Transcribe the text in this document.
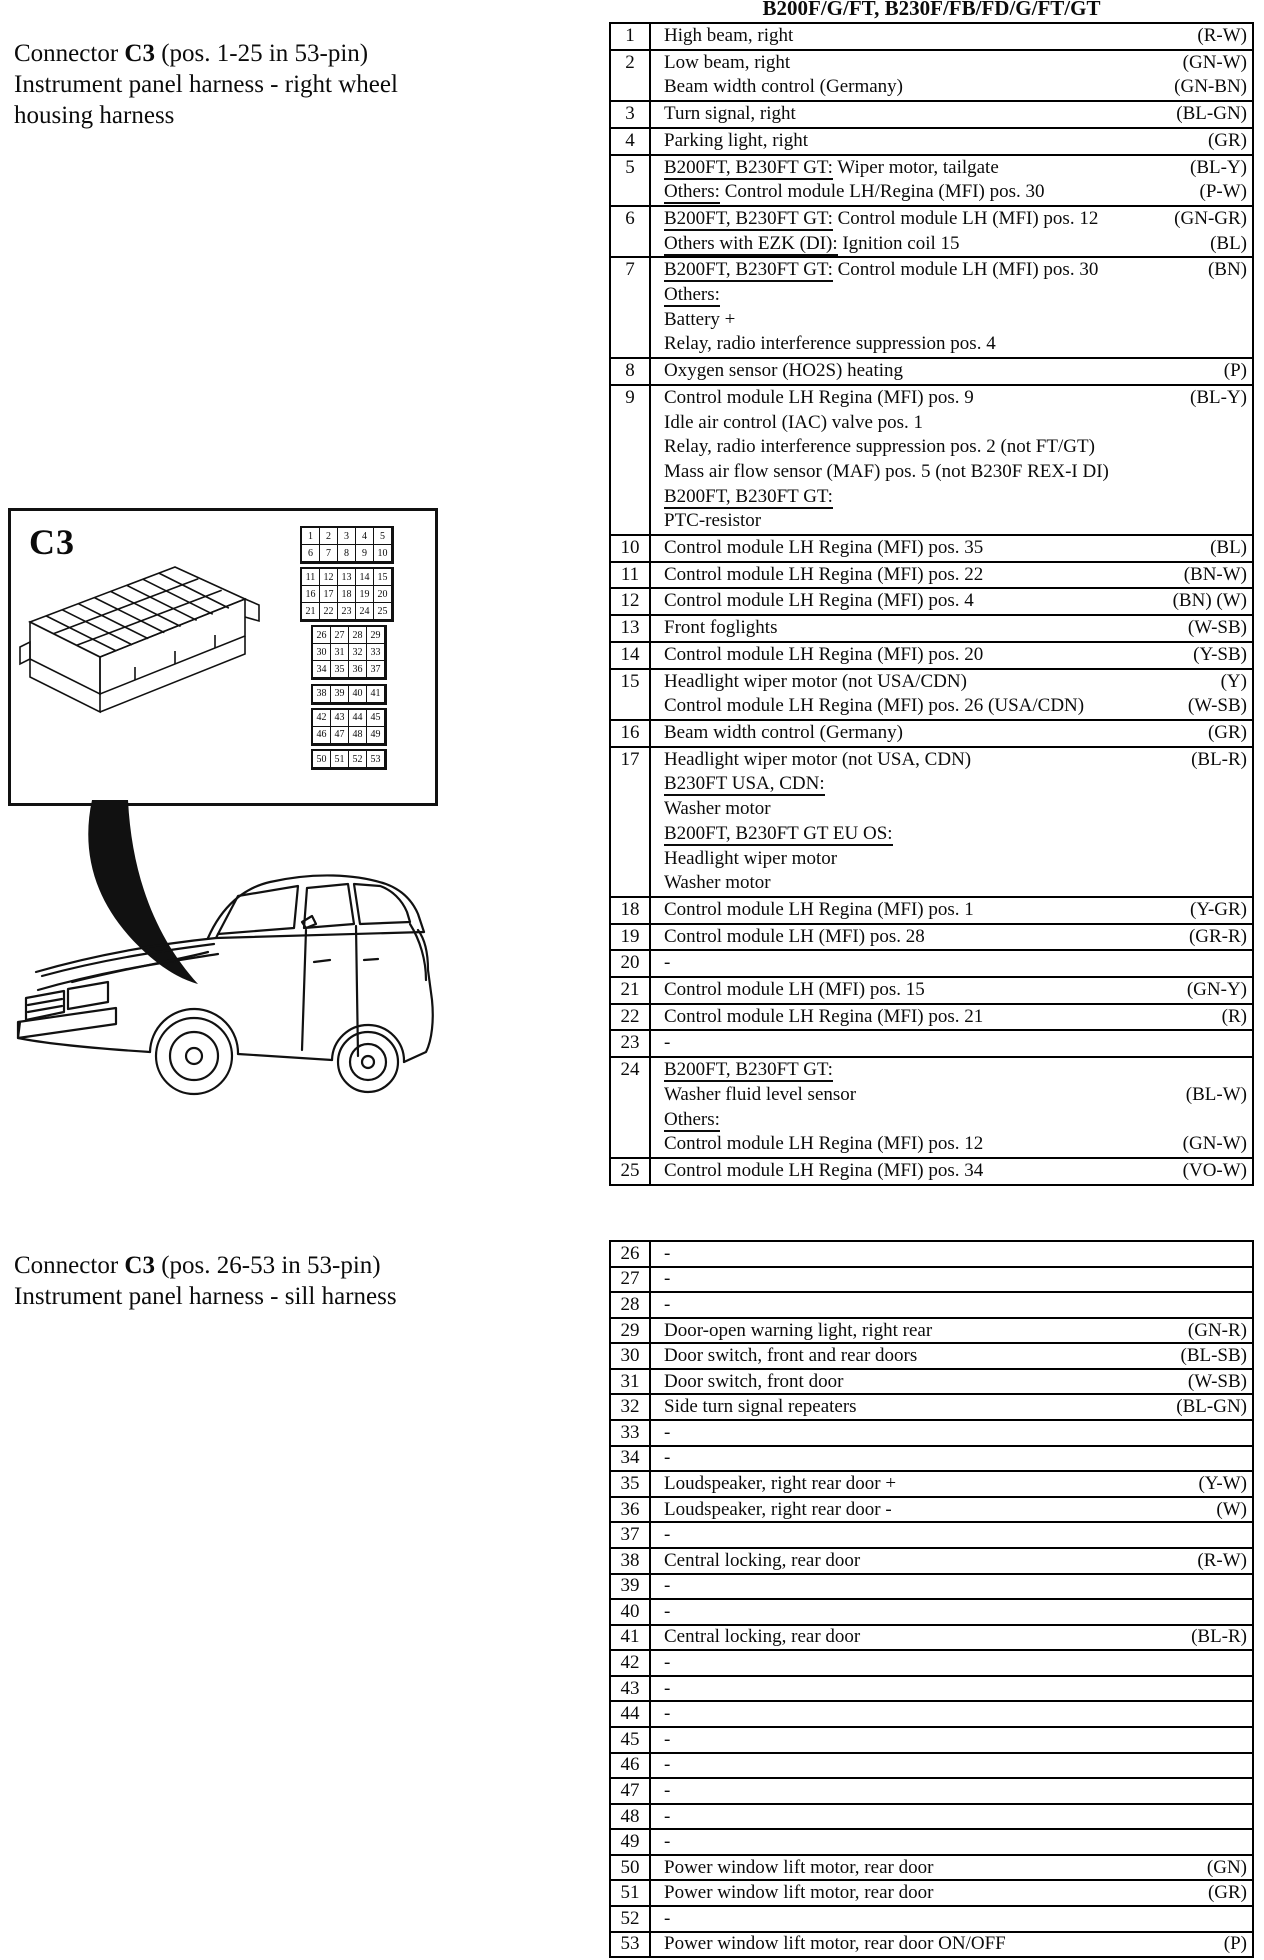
Connector C3 (pos. 1-25 in 53-pin)
Instrument panel harness - right wheel
housing harness
C3	1	2	3	4	5
6	7	8	9	10
11 12 13 14 15
16 17 18 19 20
21 22 23 24 25
26 27 28 29
30 31 32 33
34 35 36 37
38 39 40 41
42 43 44 45
46 47 48 49
50 51 52 53
Connector C3 (pos. 26-53 in 53-pin)
Instrument panel harness - sill harness
B200F/G/FT, B230F/FB/FD/G/FT/GT
1	High beam, right	(R-W)
2	Low beam, right	(GN-W)
Beam width control (Germany)	(GN-BN)
3	Turn signal, right	(BL-GN)
4	Parking light, right	(GR)
5	B200FT, B230FT GT: Wiper motor, tailgate	(BL-Y)
Others: Control module LH/Regina (MFI) pos. 30	(P-W)
6	B200FT, B230FT GT: Control module LH (MFI) pos. 12	(GN-GR)
Others with EZK (DI): Ignition coil 15	(BL)
7	B200FT, B230FT GT: Control module LH (MFI) pos. 30	(BN)
Others:
Battery +
Relay, radio interference suppression pos. 4
8	Oxygen sensor (HO2S) heating	(P)
9	Control module LH Regina (MFI) pos. 9	(BL-Y)
Idle air control (IAC) valve pos. 1
Relay, radio interference suppression pos. 2 (not FT/GT)
Mass air flow sensor (MAF) pos. 5 (not B230F REX-I DI)
B200FT, B230FT GT:
PTC-resistor
10	Control module LH Regina (MFI) pos. 35	(BL)
11	Control module LH Regina (MFI) pos. 22	(BN-W)
12	Control module LH Regina (MFI) pos. 4	(BN) (W)
13	Front foglights	(W-SB)
14	Control module LH Regina (MFI) pos. 20	(Y-SB)
15	Headlight wiper motor (not USA/CDN)	(Y)
Control module LH Regina (MFI) pos. 26 (USA/CDN)	(W-SB)
16	Beam width control (Germany)	(GR)
17	Headlight wiper motor (not USA, CDN)	(BL-R)
B230FT USA, CDN:
Washer motor
B200FT, B230FT GT EU OS:
Headlight wiper motor
Washer motor
18	Control module LH Regina (MFI) pos. 1	(Y-GR)
19	Control module LH (MFI) pos. 28	(GR-R)
20	-
21	Control module LH (MFI) pos. 15	(GN-Y)
22	Control module LH Regina (MFI) pos. 21	(R)
23	-
24	B200FT, B230FT GT:
Washer fluid level sensor	(BL-W)
Others:
Control module LH Regina (MFI) pos. 12	(GN-W)
25	Control module LH Regina (MFI) pos. 34	(VO-W)
26	-
27	-
28	-
29	Door-open warning light, right rear	(GN-R)
30	Door switch, front and rear doors	(BL-SB)
31	Door switch, front door	(W-SB)
32	Side turn signal repeaters	(BL-GN)
33	-
34	-
35	Loudspeaker, right rear door +	(Y-W)
36	Loudspeaker, right rear door -	(W)
37	-
38	Central locking, rear door	(R-W)
39	-
40	-
41	Central locking, rear door	(BL-R)
42	-
43	-
44	-
45	-
46	-
47	-
48	-
49	-
50	Power window lift motor, rear door	(GN)
51	Power window lift motor, rear door	(GR)
52	-
53	Power window lift motor, rear door ON/OFF	(P)
